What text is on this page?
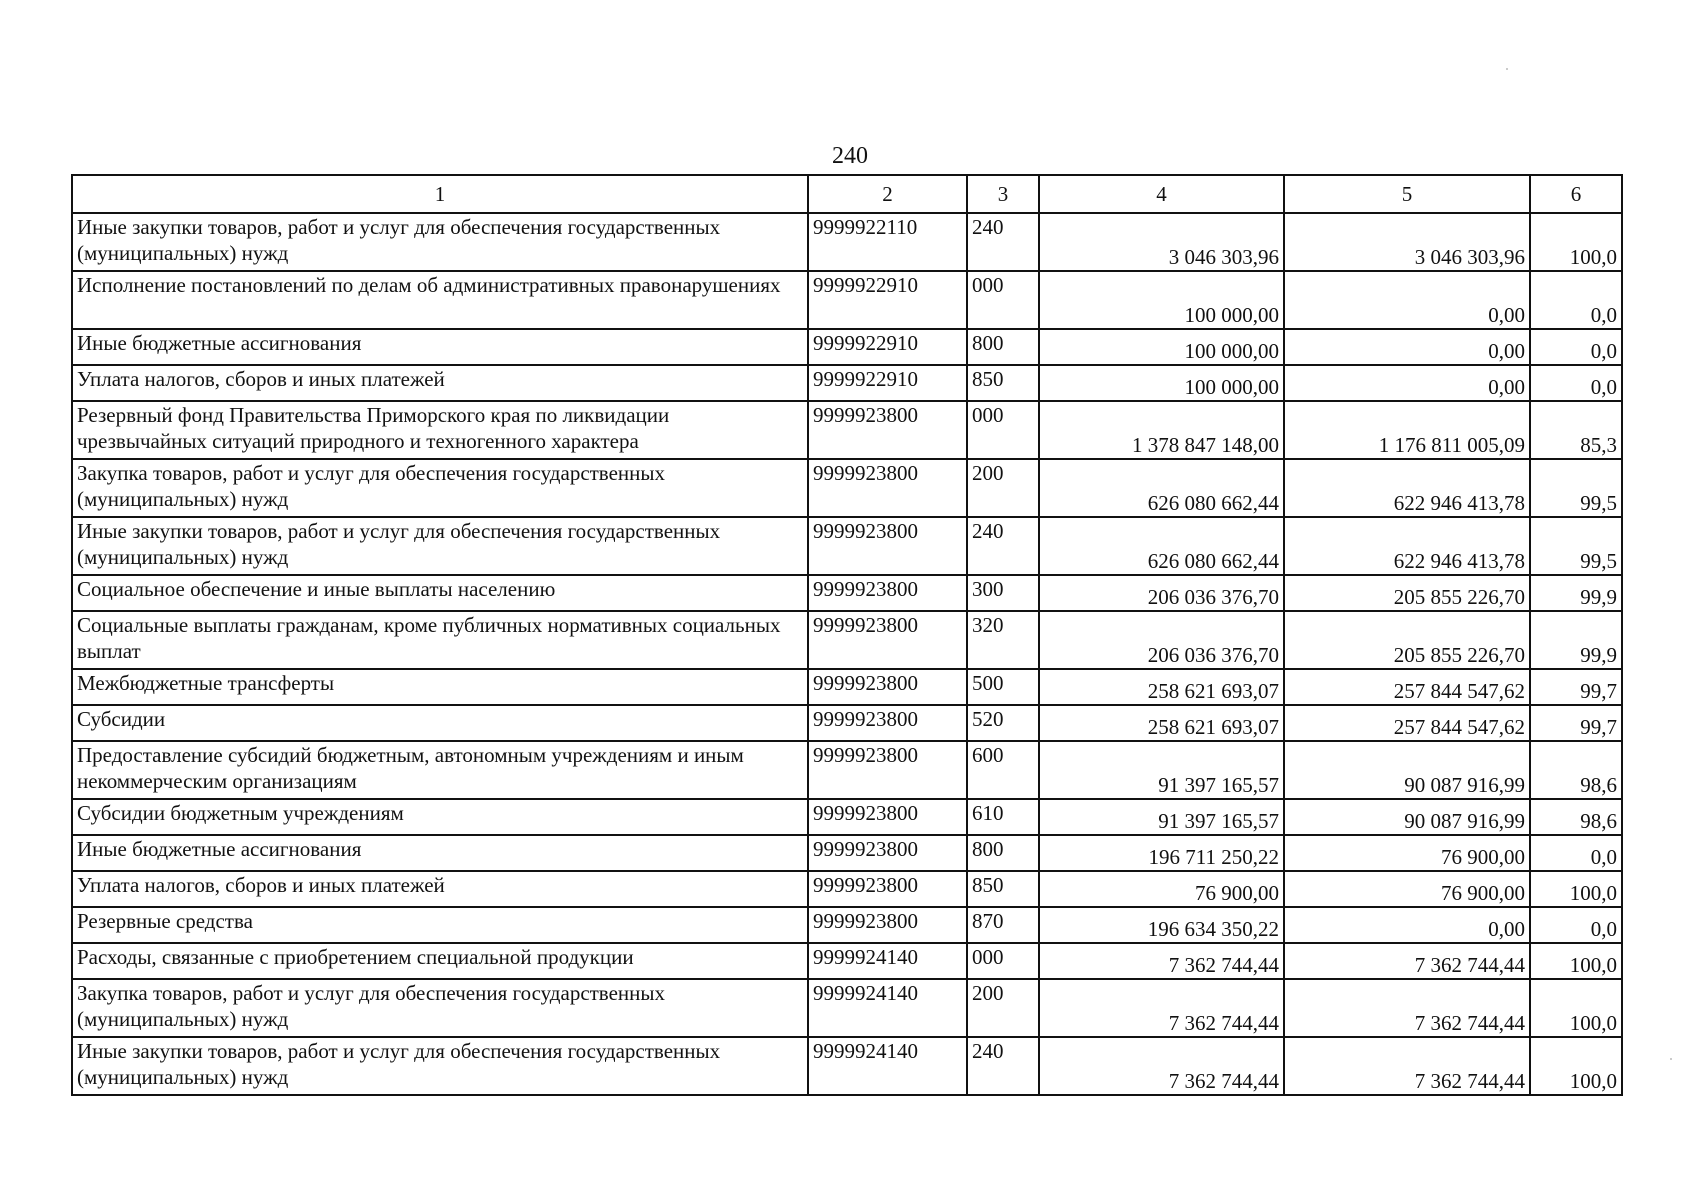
240
1	2	3	4	5	6
Иные закупки товаров, работ и услуг для обеспечения государственных (муниципальных) нужд	9999922110	240	3 046 303,96	3 046 303,96	100,0
Исполнение постановлений по делам об административных правонарушениях	9999922910	000	100 000,00	0,00	0,0
Иные бюджетные ассигнования	9999922910	800	100 000,00	0,00	0,0
Уплата налогов, сборов и иных платежей	9999922910	850	100 000,00	0,00	0,0
Резервный фонд Правительства Приморского края по ликвидации чрезвычайных ситуаций природного и техногенного характера	9999923800	000	1 378 847 148,00	1 176 811 005,09	85,3
Закупка товаров, работ и услуг для обеспечения государственных (муниципальных) нужд	9999923800	200	626 080 662,44	622 946 413,78	99,5
Иные закупки товаров, работ и услуг для обеспечения государственных (муниципальных) нужд	9999923800	240	626 080 662,44	622 946 413,78	99,5
Социальное обеспечение и иные выплаты населению	9999923800	300	206 036 376,70	205 855 226,70	99,9
Социальные выплаты гражданам, кроме публичных нормативных социальных выплат	9999923800	320	206 036 376,70	205 855 226,70	99,9
Межбюджетные трансферты	9999923800	500	258 621 693,07	257 844 547,62	99,7
Субсидии	9999923800	520	258 621 693,07	257 844 547,62	99,7
Предоставление субсидий бюджетным, автономным учреждениям и иным некоммерческим организациям	9999923800	600	91 397 165,57	90 087 916,99	98,6
Субсидии бюджетным учреждениям	9999923800	610	91 397 165,57	90 087 916,99	98,6
Иные бюджетные ассигнования	9999923800	800	196 711 250,22	76 900,00	0,0
Уплата налогов, сборов и иных платежей	9999923800	850	76 900,00	76 900,00	100,0
Резервные средства	9999923800	870	196 634 350,22	0,00	0,0
Расходы, связанные с приобретением специальной продукции	9999924140	000	7 362 744,44	7 362 744,44	100,0
Закупка товаров, работ и услуг для обеспечения государственных (муниципальных) нужд	9999924140	200	7 362 744,44	7 362 744,44	100,0
Иные закупки товаров, работ и услуг для обеспечения государственных (муниципальных) нужд	9999924140	240	7 362 744,44	7 362 744,44	100,0
